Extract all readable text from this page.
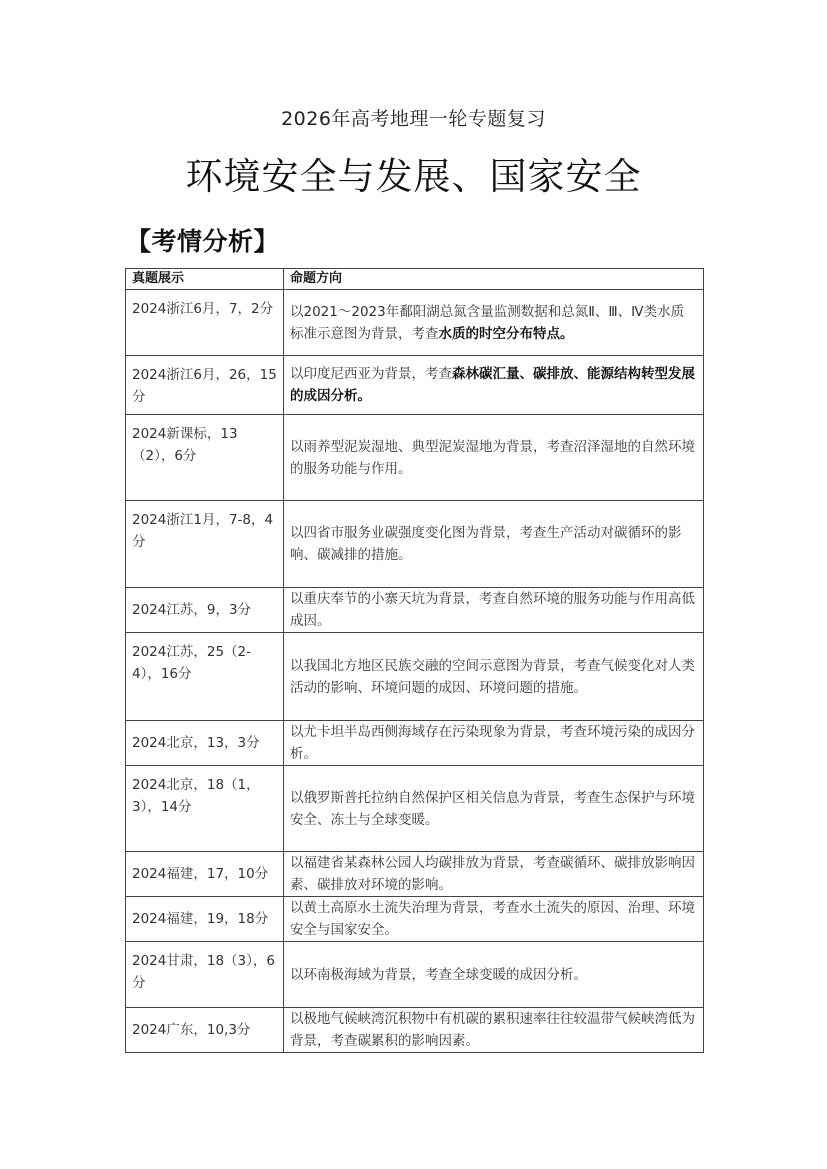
2026年高考地理一轮专题复习
环境安全与发展、国家安全
【考情分析】
真题展示	命题方向
2024浙江6月，7，2分	以2021～2023年鄱阳湖总氮含量监测数据和总氮Ⅱ、Ⅲ、Ⅳ类水质标准示意图为背景，考查水质的时空分布特点。
2024浙江6月，26，15分	以印度尼西亚为背景，考查森林碳汇量、碳排放、能源结构转型发展的成因分析。
2024新课标，13（2），6分	以雨养型泥炭湿地、典型泥炭湿地为背景，考查沼泽湿地的自然环境的服务功能与作用。
2024浙江1月，7-8，4分	以四省市服务业碳强度变化图为背景，考查生产活动对碳循环的影响、碳减排的措施。
2024江苏，9，3分	以重庆奉节的小寨天坑为背景，考查自然环境的服务功能与作用高低成因。
2024江苏，25（2-4），16分	以我国北方地区民族交融的空间示意图为背景，考查气候变化对人类活动的影响、环境问题的成因、环境问题的措施。
2024北京，13，3分	以尤卡坦半岛西侧海域存在污染现象为背景，考查环境污染的成因分析。
2024北京，18（1，3），14分	以俄罗斯普托拉纳自然保护区相关信息为背景，考查生态保护与环境安全、冻土与全球变暖。
2024福建，17，10分	以福建省某森林公园人均碳排放为背景，考查碳循环、碳排放影响因素、碳排放对环境的影响。
2024福建，19，18分	以黄土高原水土流失治理为背景，考查水土流失的原因、治理、环境安全与国家安全。
2024甘肃，18（3），6分	以环南极海域为背景，考查全球变暖的成因分析。
2024广东，10,3分	以极地气候峡湾沉积物中有机碳的累积速率往往较温带气候峡湾低为背景，考查碳累积的影响因素。
